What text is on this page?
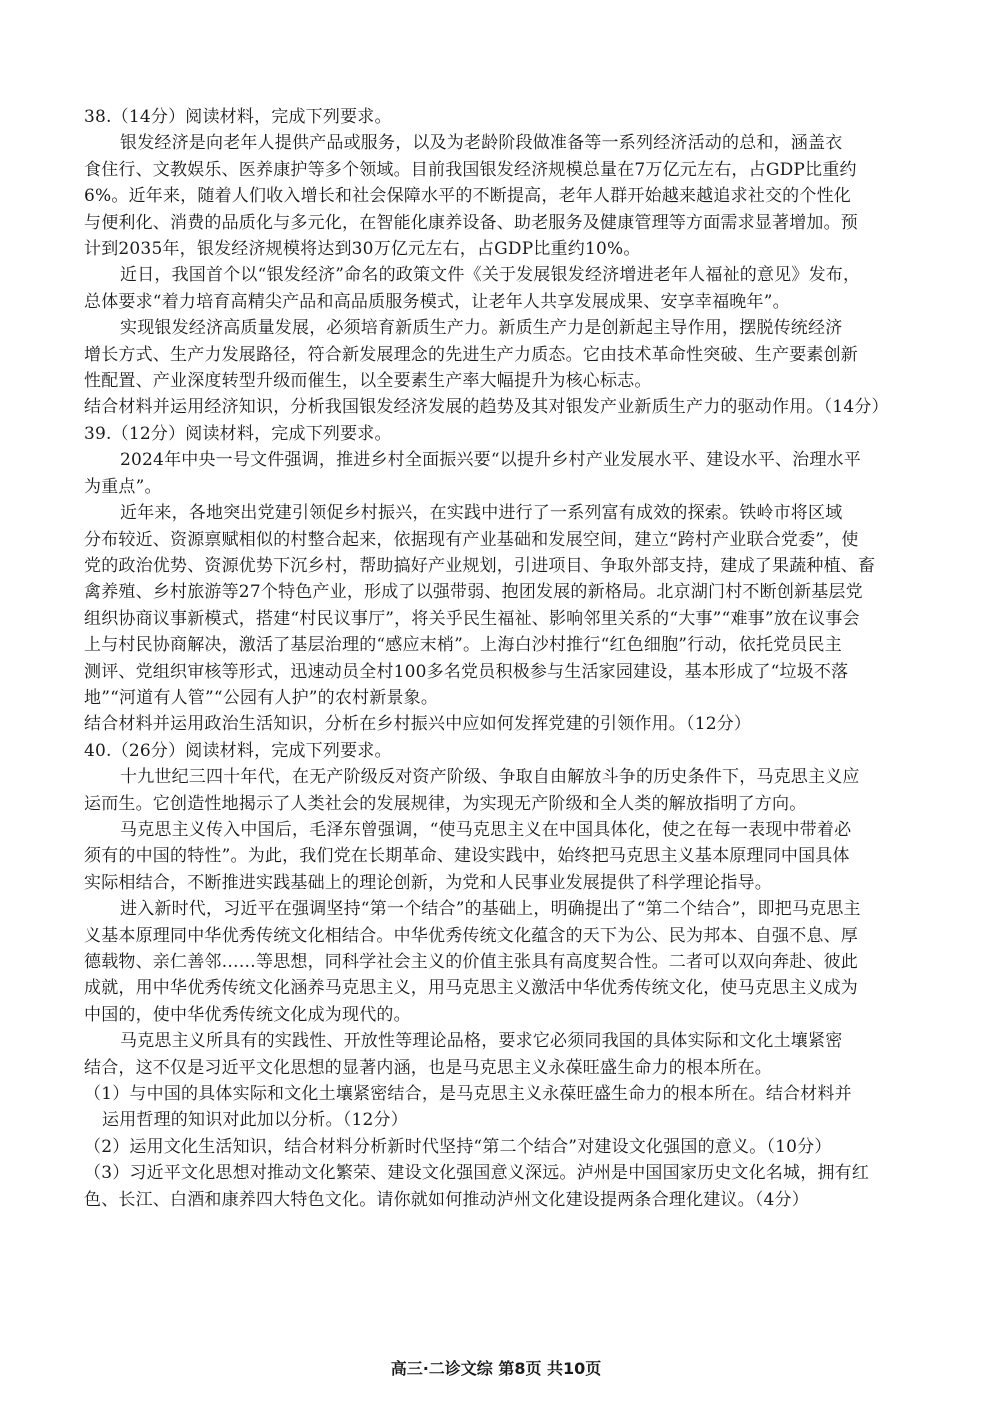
38.（14分）阅读材料，完成下列要求。
银发经济是向老年人提供产品或服务，以及为老龄阶段做准备等一系列经济活动的总和，涵盖衣
食住行、文教娱乐、医养康护等多个领域。目前我国银发经济规模总量在7万亿元左右，占GDP比重约
6%。近年来，随着人们收入增长和社会保障水平的不断提高，老年人群开始越来越追求社交的个性化
与便利化、消费的品质化与多元化，在智能化康养设备、助老服务及健康管理等方面需求显著增加。预
计到2035年，银发经济规模将达到30万亿元左右，占GDP比重约10%。
近日，我国首个以“银发经济”命名的政策文件《关于发展银发经济增进老年人福祉的意见》发布，
总体要求“着力培育高精尖产品和高品质服务模式，让老年人共享发展成果、安享幸福晚年”。
实现银发经济高质量发展，必须培育新质生产力。新质生产力是创新起主导作用，摆脱传统经济
增长方式、生产力发展路径，符合新发展理念的先进生产力质态。它由技术革命性突破、生产要素创新
性配置、产业深度转型升级而催生，以全要素生产率大幅提升为核心标志。
结合材料并运用经济知识，分析我国银发经济发展的趋势及其对银发产业新质生产力的驱动作用。（14分）
39.（12分）阅读材料，完成下列要求。
2024年中央一号文件强调，推进乡村全面振兴要“以提升乡村产业发展水平、建设水平、治理水平
为重点”。
近年来，各地突出党建引领促乡村振兴，在实践中进行了一系列富有成效的探索。铁岭市将区域
分布较近、资源禀赋相似的村整合起来，依据现有产业基础和发展空间，建立“跨村产业联合党委”，使
党的政治优势、资源优势下沉乡村，帮助搞好产业规划，引进项目、争取外部支持，建成了果蔬种植、畜
禽养殖、乡村旅游等27个特色产业，形成了以强带弱、抱团发展的新格局。北京湖门村不断创新基层党
组织协商议事新模式，搭建“村民议事厅”，将关乎民生福祉、影响邻里关系的“大事”“难事”放在议事会
上与村民协商解决，激活了基层治理的“感应末梢”。上海白沙村推行“红色细胞”行动，依托党员民主
测评、党组织审核等形式，迅速动员全村100多名党员积极参与生活家园建设，基本形成了“垃圾不落
地”“河道有人管”“公园有人护”的农村新景象。
结合材料并运用政治生活知识，分析在乡村振兴中应如何发挥党建的引领作用。（12分）
40.（26分）阅读材料，完成下列要求。
十九世纪三四十年代，在无产阶级反对资产阶级、争取自由解放斗争的历史条件下，马克思主义应
运而生。它创造性地揭示了人类社会的发展规律，为实现无产阶级和全人类的解放指明了方向。
马克思主义传入中国后，毛泽东曾强调，“使马克思主义在中国具体化，使之在每一表现中带着必
须有的中国的特性”。为此，我们党在长期革命、建设实践中，始终把马克思主义基本原理同中国具体
实际相结合，不断推进实践基础上的理论创新，为党和人民事业发展提供了科学理论指导。
进入新时代，习近平在强调坚持“第一个结合”的基础上，明确提出了“第二个结合”，即把马克思主
义基本原理同中华优秀传统文化相结合。中华优秀传统文化蕴含的天下为公、民为邦本、自强不息、厚
德载物、亲仁善邻……等思想，同科学社会主义的价值主张具有高度契合性。二者可以双向奔赴、彼此
成就，用中华优秀传统文化涵养马克思主义，用马克思主义激活中华优秀传统文化，使马克思主义成为
中国的，使中华优秀传统文化成为现代的。
马克思主义所具有的实践性、开放性等理论品格，要求它必须同我国的具体实际和文化土壤紧密
结合，这不仅是习近平文化思想的显著内涵，也是马克思主义永葆旺盛生命力的根本所在。
（1）与中国的具体实际和文化土壤紧密结合，是马克思主义永葆旺盛生命力的根本所在。结合材料并
运用哲理的知识对此加以分析。（12分）
（2）运用文化生活知识，结合材料分析新时代坚持“第二个结合”对建设文化强国的意义。（10分）
（3）习近平文化思想对推动文化繁荣、建设文化强国意义深远。泸州是中国国家历史文化名城，拥有红
色、长江、白酒和康养四大特色文化。请你就如何推动泸州文化建设提两条合理化建议。（4分）
高三·二诊文综 第8页 共10页
